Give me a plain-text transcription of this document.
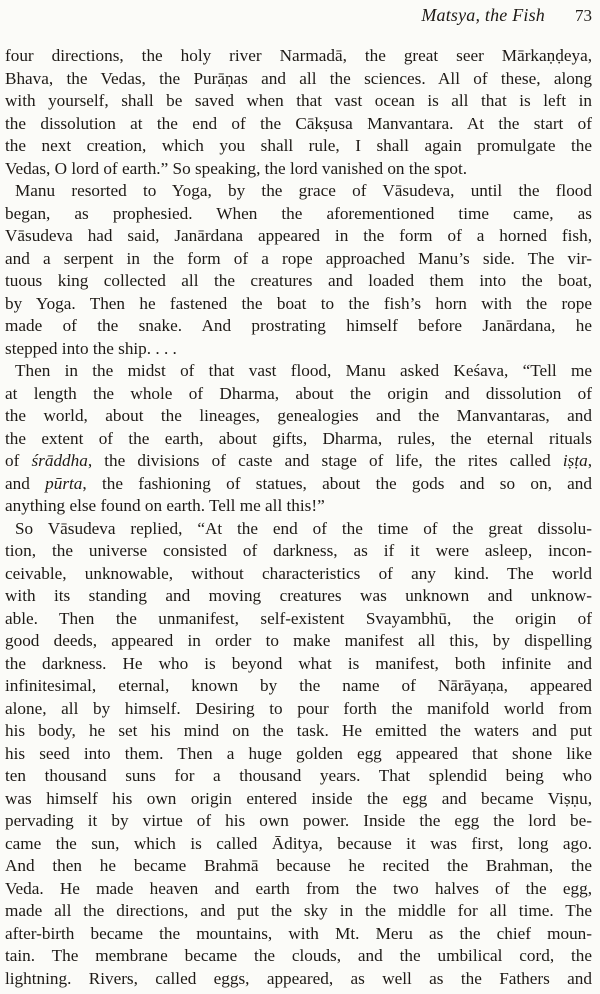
Matsya, the Fish 73
four directions, the holy river Narmadā, the great seer Mārkaṇḍeya,
Bhava, the Vedas, the Purāṇas and all the sciences. All of these, along
with yourself, shall be saved when that vast ocean is all that is left in
the dissolution at the end of the Cākṣusa Manvantara. At the start of
the next creation, which you shall rule, I shall again promulgate the
Vedas, O lord of earth.” So speaking, the lord vanished on the spot.
Manu resorted to Yoga, by the grace of Vāsudeva, until the flood
began, as prophesied. When the aforementioned time came, as
Vāsudeva had said, Janārdana appeared in the form of a horned fish,
and a serpent in the form of a rope approached Manu’s side. The vir-
tuous king collected all the creatures and loaded them into the boat,
by Yoga. Then he fastened the boat to the fish’s horn with the rope
made of the snake. And prostrating himself before Janārdana, he
stepped into the ship. . . .
Then in the midst of that vast flood, Manu asked Keśava, “Tell me
at length the whole of Dharma, about the origin and dissolution of
the world, about the lineages, genealogies and the Manvantaras, and
the extent of the earth, about gifts, Dharma, rules, the eternal rituals
of śrāddha, the divisions of caste and stage of life, the rites called iṣṭa,
and pūrta, the fashioning of statues, about the gods and so on, and
anything else found on earth. Tell me all this!”
So Vāsudeva replied, “At the end of the time of the great dissolu-
tion, the universe consisted of darkness, as if it were asleep, incon-
ceivable, unknowable, without characteristics of any kind. The world
with its standing and moving creatures was unknown and unknow-
able. Then the unmanifest, self-existent Svayambhū, the origin of
good deeds, appeared in order to make manifest all this, by dispelling
the darkness. He who is beyond what is manifest, both infinite and
infinitesimal, eternal, known by the name of Nārāyaṇa, appeared
alone, all by himself. Desiring to pour forth the manifold world from
his body, he set his mind on the task. He emitted the waters and put
his seed into them. Then a huge golden egg appeared that shone like
ten thousand suns for a thousand years. That splendid being who
was himself his own origin entered inside the egg and became Viṣṇu,
pervading it by virtue of his own power. Inside the egg the lord be-
came the sun, which is called Āditya, because it was first, long ago.
And then he became Brahmā because he recited the Brahman, the
Veda. He made heaven and earth from the two halves of the egg,
made all the directions, and put the sky in the middle for all time. The
after-birth became the mountains, with Mt. Meru as the chief moun-
tain. The membrane became the clouds, and the umbilical cord, the
lightning. Rivers, called eggs, appeared, as well as the Fathers and
